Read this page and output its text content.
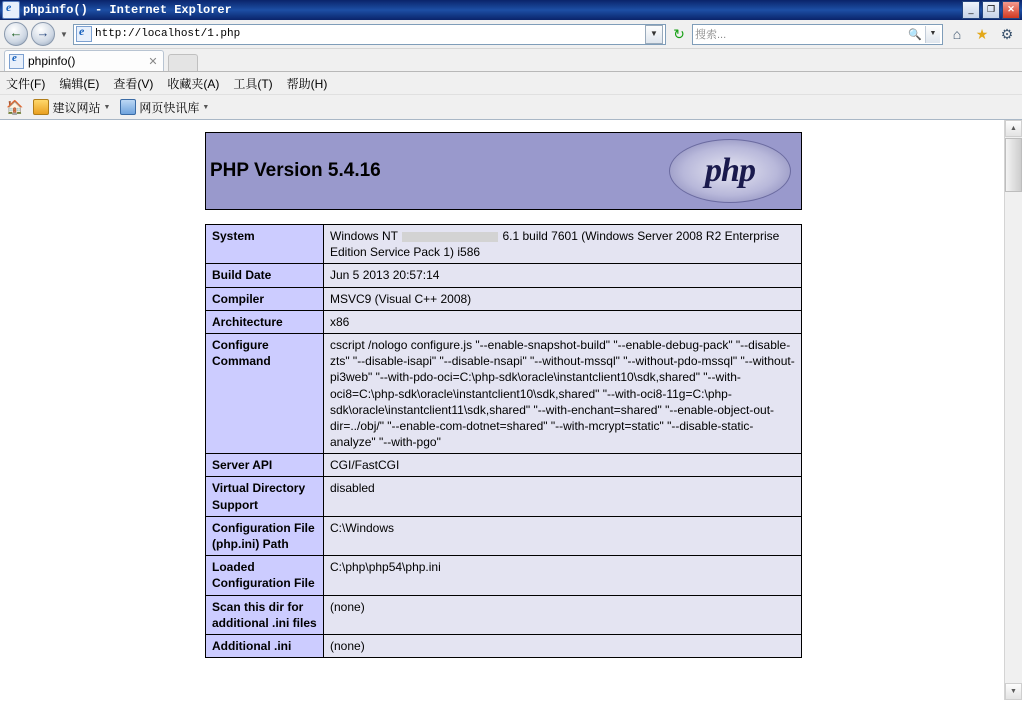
e
phpinfo() - Internet Explorer	_	❐	✕
←	→	▼ e http://localhost/1.php	▼	↻ 搜索...	🔍	▼	⌂	★ ⚙
e
phpinfo()	✕
文件(F) 编辑(E) 查看(V) 收藏夹(A) 工具(T) 帮助(H)
🏠 建议网站 ▼ 网页快讯库 ▼
PHP Version 5.4.16	php
System	Windows NT 6.1 build 7601 (Windows Server 2008 R2 Enterprise Edition Service Pack 1) i586
Build Date	Jun 5 2013 20:57:14
Compiler	MSVC9 (Visual C++ 2008)
Architecture	x86
Configure Command	cscript /nologo configure.js "--enable-snapshot-build" "--enable-debug-pack" "--disable-zts" "--disable-isapi" "--disable-nsapi" "--without-mssql" "--without-pdo-mssql" "--without-pi3web" "--with-pdo-oci=C:\php-sdk\oracle\instantclient10\sdk,shared" "--with-oci8=C:\php-sdk\oracle\instantclient10\sdk,shared" "--with-oci8-11g=C:\php-sdk\oracle\instantclient11\sdk,shared" "--with-enchant=shared" "--enable-object-out-dir=../obj/" "--enable-com-dotnet=shared" "--with-mcrypt=static" "--disable-static-analyze" "--with-pgo"
Server API	CGI/FastCGI
Virtual Directory Support	disabled
Configuration File (php.ini) Path	C:\Windows
Loaded Configuration File	C:\php\php54\php.ini
Scan this dir for additional .ini files	(none)
Additional .ini	(none)
▲
▼
